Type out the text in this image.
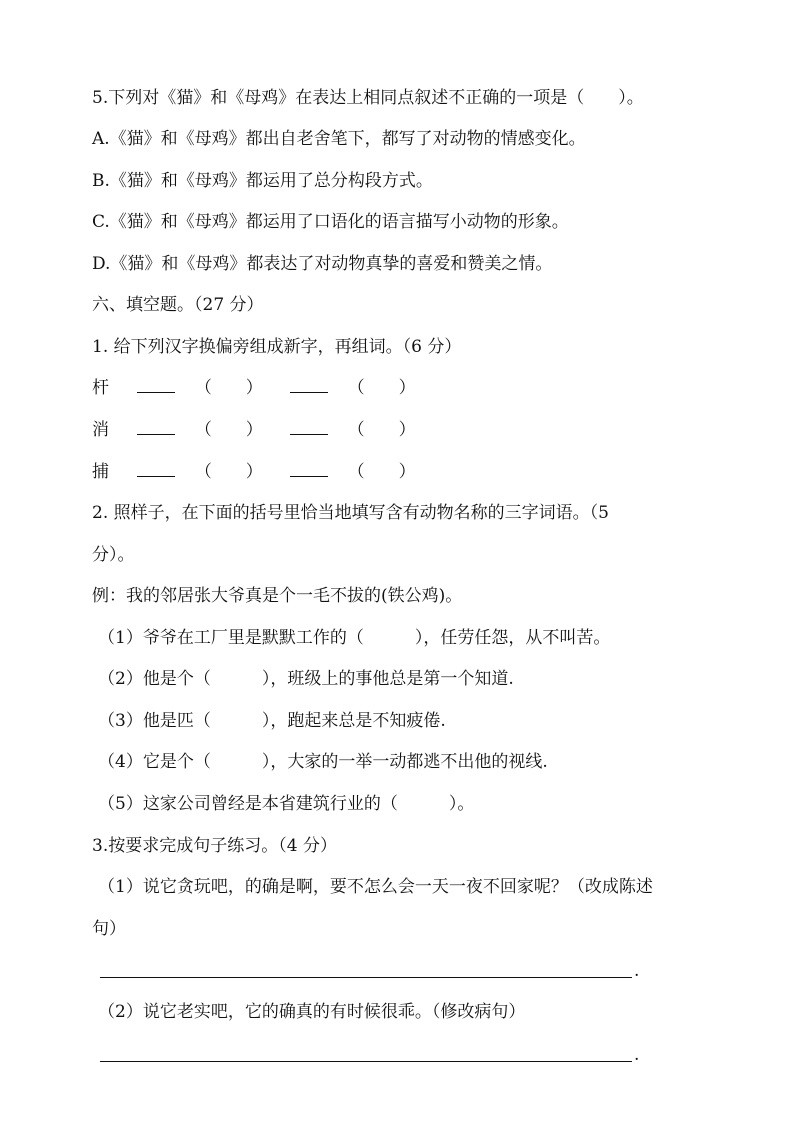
5.下列对《猫》和《母鸡》在表达上相同点叙述不正确的一项是（　　）。
A.《猫》和《母鸡》都出自老舍笔下，都写了对动物的情感变化。
B.《猫》和《母鸡》都运用了总分构段方式。
C.《猫》和《母鸡》都运用了口语化的语言描写小动物的形象。
D.《猫》和《母鸡》都表达了对动物真挚的喜爱和赞美之情。
六、填空题。（27 分）
1. 给下列汉字换偏旁组成新字，再组词。（6 分）
杆	（　　）	（　　）
消	（　　）	（　　）
捕	（　　）	（　　）
2. 照样子，在下面的括号里恰当地填写含有动物名称的三字词语。（5
分）。
例：我的邻居张大爷真是个一毛不拔的(铁公鸡)。
（1）爷爷在工厂里是默默工作的（　　　），任劳任怨，从不叫苦。
（2）他是个（　　　），班级上的事他总是第一个知道.
（3）他是匹（　　　），跑起来总是不知疲倦.
（4）它是个（　　　），大家的一举一动都逃不出他的视线.
（5）这家公司曾经是本省建筑行业的（　　　）。
3.按要求完成句子练习。（4 分）
（1）说它贪玩吧，的确是啊，要不怎么会一天一夜不回家呢？（改成陈述
句）
.
（2）说它老实吧，它的确真的有时候很乖。（修改病句）
.
